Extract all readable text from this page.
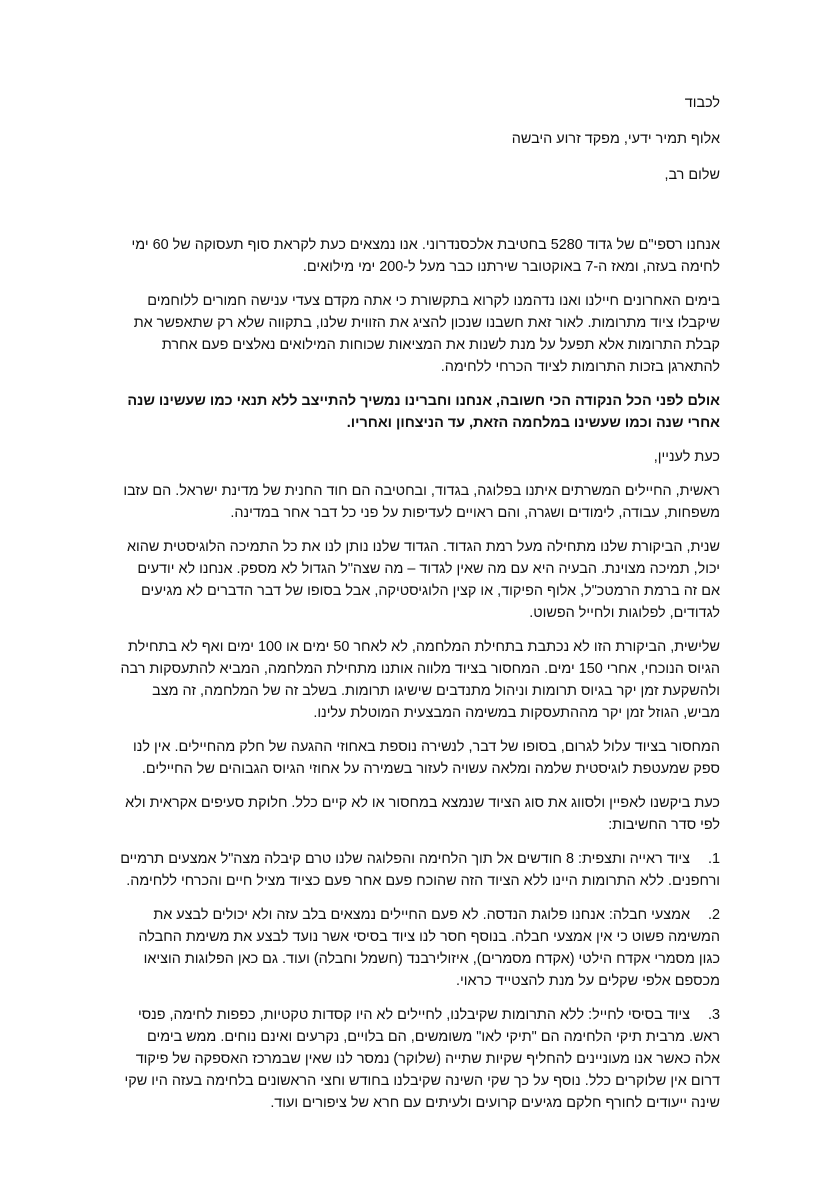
לכבוד

אלוף תמיר ידעי, מפקד זרוע היבשה

שלום רב,

אנחנו רספי"ם של גדוד 5280 בחטיבת אלכסנדרוני. אנו נמצאים כעת לקראת סוף תעסוקה של 60 ימי לחימה בעזה, ומאז ה-7 באוקטובר שירתנו כבר מעל ל-200 ימי מילואים.

בימים האחרונים חיילנו ואנו נדהמנו לקרוא בתקשורת כי אתה מקדם צעדי ענישה חמורים ללוחמים שיקבלו ציוד מתרומות. לאור זאת חשבנו שנכון להציג את הזווית שלנו, בתקווה שלא רק שתאפשר את קבלת התרומות אלא תפעל על מנת לשנות את המציאות שכוחות המילואים נאלצים פעם אחרת להתארגן בזכות התרומות לציוד הכרחי ללחימה.

אולם לפני הכל הנקודה הכי חשובה, אנחנו וחברינו נמשיך להתייצב ללא תנאי כמו שעשינו שנה אחרי שנה וכמו שעשינו במלחמה הזאת, עד הניצחון ואחריו.

כעת לעניין,

ראשית, החיילים המשרתים איתנו בפלוגה, בגדוד, ובחטיבה הם חוד החנית של מדינת ישראל. הם עזבו משפחות, עבודה, לימודים ושגרה, והם ראויים לעדיפות על פני כל דבר אחר במדינה.

שנית, הביקורת שלנו מתחילה מעל רמת הגדוד. הגדוד שלנו נותן לנו את כל התמיכה הלוגיסטית שהוא יכול, תמיכה מצוינת. הבעיה היא עם מה שאין לגדוד – מה שצה"ל הגדול לא מספק. אנחנו לא יודעים אם זה ברמת הרמטכ"ל, אלוף הפיקוד, או קצין הלוגיסטיקה, אבל בסופו של דבר הדברים לא מגיעים לגדודים, לפלוגות ולחייל הפשוט.

שלישית, הביקורת הזו לא נכתבת בתחילת המלחמה, לא לאחר 50 ימים או 100 ימים ואף לא בתחילת הגיוס הנוכחי, אחרי 150 ימים. המחסור בציוד מלווה אותנו מתחילת המלחמה, המביא להתעסקות רבה ולהשקעת זמן יקר בגיוס תרומות וניהול מתנדבים שישיגו תרומות. בשלב זה של המלחמה, זה מצב מביש, הגוזל זמן יקר מההתעסקות במשימה המבצעית המוטלת עלינו.

המחסור בציוד עלול לגרום, בסופו של דבר, לנשירה נוספת באחוזי ההגעה של חלק מהחיילים. אין לנו ספק שמעטפת לוגיסטית שלמה ומלאה עשויה לעזור בשמירה על אחוזי הגיוס הגבוהים של החיילים.

כעת ביקשנו לאפיין ולסווג את סוג הציוד שנמצא במחסור או לא קיים כלל. חלוקת סעיפים אקראית ולא לפי סדר החשיבות:

1. ציוד ראייה ותצפית: 8 חודשים אל תוך הלחימה והפלוגה שלנו טרם קיבלה מצה"ל אמצעים תרמיים ורחפנים. ללא התרומות היינו ללא הציוד הזה שהוכח פעם אחר פעם כציוד מציל חיים והכרחי ללחימה.

2. אמצעי חבלה: אנחנו פלוגת הנדסה. לא פעם החיילים נמצאים בלב עזה ולא יכולים לבצע את המשימה פשוט כי אין אמצעי חבלה. בנוסף חסר לנו ציוד בסיסי אשר נועד לבצע את משימת החבלה כגון מסמרי אקדח הילטי (אקדח מסמרים), איזולירבנד (חשמל וחבלה) ועוד. גם כאן הפלוגות הוציאו מכספם אלפי שקלים על מנת להצטייד כראוי.

3. ציוד בסיסי לחייל: ללא התרומות שקיבלנו, לחיילים לא היו קסדות טקטיות, כפפות לחימה, פנסי ראש. מרבית תיקי הלחימה הם "תיקי לאו" משומשים, הם בלויים, נקרעים ואינם נוחים. ממש בימים אלה כאשר אנו מעוניינים להחליף שקיות שתייה (שלוקר) נמסר לנו שאין שבמרכז האספקה של פיקוד דרום אין שלוקרים כלל. נוסף על כך שקי השינה שקיבלנו בחודש וחצי הראשונים בלחימה בעזה היו שקי שינה ייעודים לחורף חלקם מגיעים קרועים ולעיתים עם חרא של ציפורים ועוד.
